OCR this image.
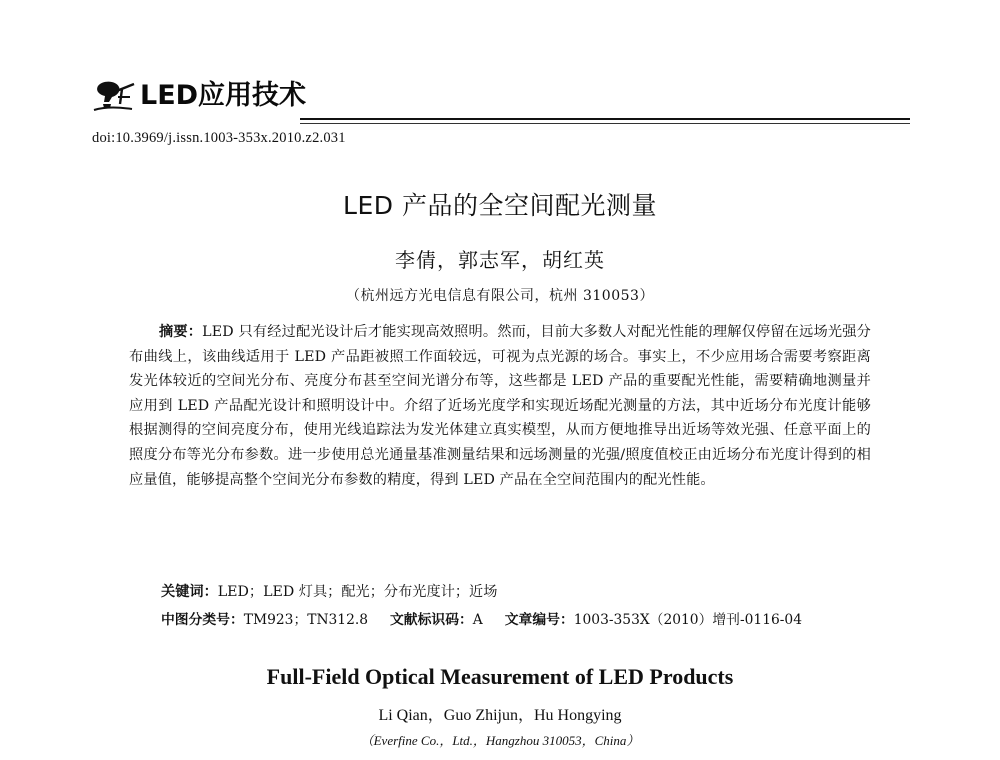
LED应用技术
doi:10.3969/j.issn.1003-353x.2010.z2.031
LED 产品的全空间配光测量
李倩，郭志军，胡红英
（杭州远方光电信息有限公司，杭州 310053）
摘要：LED 只有经过配光设计后才能实现高效照明。然而，目前大多数人对配光性能的理解仅停留在远场光强分布曲线上，该曲线适用于 LED 产品距被照工作面较远，可视为点光源的场合。事实上，不少应用场合需要考察距离发光体较近的空间光分布、亮度分布甚至空间光谱分布等，这些都是 LED 产品的重要配光性能，需要精确地测量并应用到 LED 产品配光设计和照明设计中。介绍了近场光度学和实现近场配光测量的方法，其中近场分布光度计能够根据测得的空间亮度分布，使用光线追踪法为发光体建立真实模型，从而方便地推导出近场等效光强、任意平面上的照度分布等光分布参数。进一步使用总光通量基准测量结果和远场测量的光强/照度值校正由近场分布光度计得到的相应量值，能够提高整个空间光分布参数的精度，得到 LED 产品在全空间范围内的配光性能。
关键词：LED；LED 灯具；配光；分布光度计；近场
中图分类号：TM923；TN312.8 文献标识码：A 文章编号：1003-353X（2010）增刊-0116-04
Full-Field Optical Measurement of LED Products
Li Qian，Guo Zhijun，Hu Hongying
（Everfine Co.，Ltd.，Hangzhou 310053，China）
